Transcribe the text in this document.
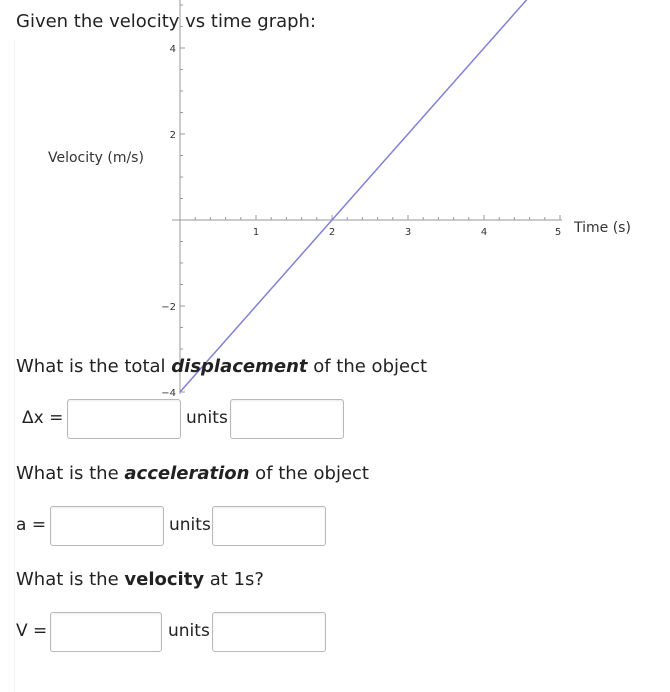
Given the velocity vs time graph:
1	2	3	4	5
4
2
−2
−4
Time (s)
Velocity (m/s)
What is the total displacement of the object
Δx =	units
What is the acceleration of the object
a =	units
What is the velocity at 1s?
V =	units
